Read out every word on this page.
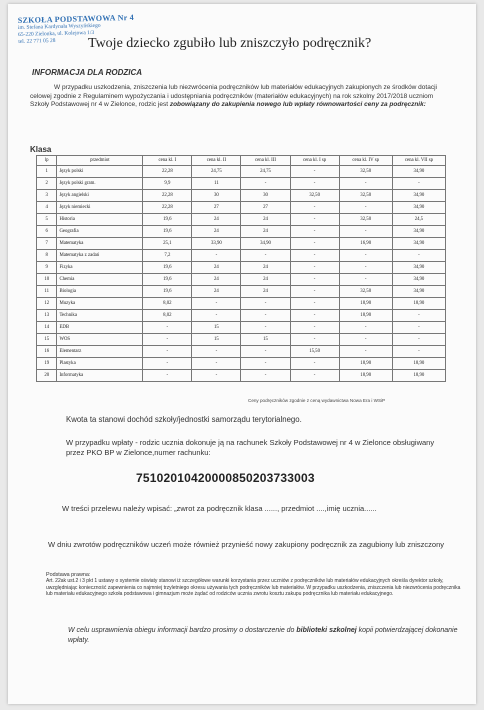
SZKOŁA PODSTAWOWA Nr 4
im. Stefana Kardynała Wyszyńskiego
65-220 Zielonka, ul. Kolejowa 1/3
tel. 22 771 05 28	Twoje dziecko zgubiło lub zniszczyło podręcznik?
INFORMACJA DLA RODZICA
W przypadku uszkodzenia, zniszczenia lub niezwrócenia podręczników lub materiałów edukacyjnych zakupionych ze środków dotacji celowej zgodnie z Regulaminem wypożyczania i udostępniania podręczników (materiałów edukacyjnych) na rok szkolny 2017/2018 uczniom Szkoły Podstawowej nr 4 w Zielonce, rodzic jest zobowiązany do zakupienia nowego lub wpłaty równowartości ceny za podręcznik:
Klasa
lp	przedmiot	cena kl. I	cena kl. II	cena kl. III	cena kl. I sp	cena kl. IV sp	cena kl. VII sp
1	Język polski	22,28	24,75	24,75	-	32,50	34,90
2	Język polski gram.	9,9	11	-	-	-	-
3	Język angielski	22,28	30	30	32,50	32,50	34,90
4	Język niemiecki	22,28	27	27	-	-	34,90
5	Historia	19,6	24	24	-	32,50	24,5
6	Geografia	19,6	24	24	-	-	34,90
7	Matematyka	25,1	33,90	34,90	-	16,90	34,90
8	Matematyka z zadań	7,2	-	-	-	-	-
9	Fizyka	19,6	24	24	-	-	34,90
10	Chemia	19,6	24	24	-	-	34,90
11	Biologia	19,6	24	24	-	32,50	34,90
12	Muzyka	8,02	-	-	-	18,90	18,90
13	Technika	8,02	-	-	-	18,90	-
14	EDB	-	15	-	-	-	-
15	WOS	-	15	15	-	-	-
16	Elementarz	-	-	-	15,50	-	-
19	Plastyka	-	-	-	-	18,90	18,90
20	Informatyka	-	-	-	-	18,90	18,90
Ceny podręczników zgodnie z ceną wydawnictwa Nowa Era i WSiP
Kwota ta stanowi dochód szkoły/jednostki samorządu terytorialnego.
W przypadku wpłaty - rodzic ucznia dokonuje ją na rachunek Szkoły Podstawowej nr 4 w Zielonce obsługiwany przez PKO BP w Zielonce,numer rachunku:
75102010420000850203733003
W treści przelewu należy wpisać: „zwrot za podręcznik klasa ......, przedmiot ....,imię ucznia......
W dniu zwrotów podręczników uczeń może również przynieść nowy zakupiony podręcznik za zagubiony lub zniszczony
Podstawa prawna:
Art. 22ak ust.2 i 3 pkt 1 ustawy o systemie oświaty stanowi iż szczegółowe warunki korzystania przez uczniów z podręczników lub materiałów edukacyjnych określa dyrektor szkoły, uwzględniając konieczność zapewnienia co najmniej trzyletniego okresu używania tych podręczników lub materiałów. W przypadku uszkodzenia, zniszczenia lub niezwrócenia podręcznika lub materiału edukacyjnego szkoła podstawowa i gimnazjum może żądać od rodziców ucznia zwrotu kosztu zakupu podręcznika lub materiału edukacyjnego.
W celu usprawnienia obiegu informacji bardzo prosimy o dostarczenie do biblioteki szkolnej kopii potwierdzającej dokonanie wpłaty.
